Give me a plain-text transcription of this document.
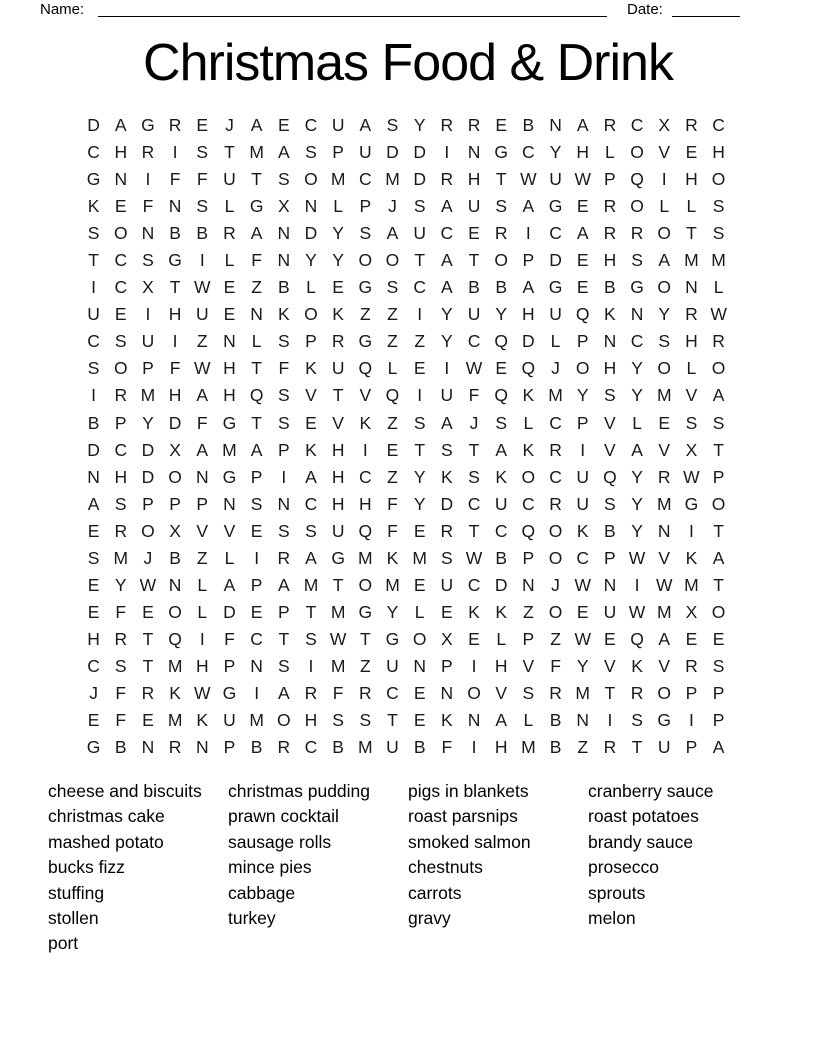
Name:	Date:
Christmas Food & Drink
D A G R E J A E C U A S Y R R E B N A R C X R C
C H R	I	S T M A S P U D D	I	N G C Y H L O V E H
G N	I	F F U T S O M C M D R H T W U W P Q	I	H O
K E F N S L G X N L P J S A U S A G E R O L L S
S O N B B R A N D Y S A U C E R	I	C A R R O T S
T C S G	I	L F N Y Y O O T A T O P D E H S A M M
I	C X T W E Z B L E G S C A B B A G E B G O N L
U E	I	H U E N K O K Z Z	I	Y U Y H U Q K N Y R W
C S U	I	Z N L S P R G Z Z Y C Q D L P N C S H R
S O P F W H T F K U Q L E	I W E Q J O H Y O L O
I	R M H A H Q S V T V Q	I	U F Q K M Y S Y M V A
B P Y D F G T S E V K Z S A J S L C P V L E S S
D C D X A M A P K H	I	E T S T A K R	I	V A V X T
N H D O N G P	I	A H C Z Y K S K O C U Q Y R W P
A S P P P N S N C H H F Y D C U C R U S Y M G O
E R O X V V E S S U Q F E R T C Q O K B Y N	I	T
S M J B Z L	I	R A G M K M S W B P O C P W V K A
E Y W N L A P A M T O M E U C D N J W N	I W M T
E F E O L D E P T M G Y L E K K Z O E U W M X O
H R T Q	I	F C T S W T G O X E L P Z W E Q A E E
C S T M H P N S	I M Z U N P	I	H V F Y V K V R S
J F R K W G	I	A R F R C E N O V S R M T R O P P
E F E M K U M O H S S T E K N A L B N	I	S G	I	P
G B N R N P B R C B M U B F	I	H M B Z R T U P A
cheese and biscuits
christmas cake
mashed potato
bucks fizz
stuffing
stollen
port
christmas pudding
prawn cocktail
sausage rolls
mince pies
cabbage
turkey
pigs in blankets
roast parsnips
smoked salmon
chestnuts
carrots
gravy
cranberry sauce
roast potatoes
brandy sauce
prosecco
sprouts
melon
